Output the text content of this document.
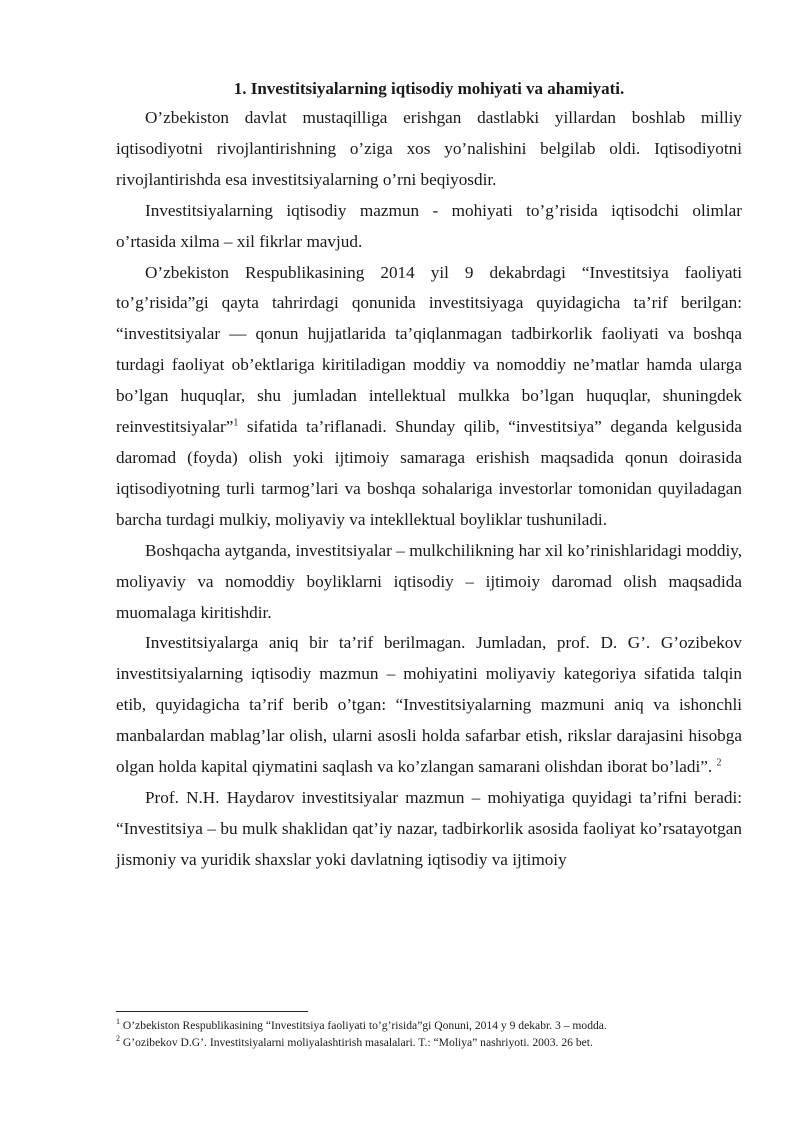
1. Investitsiyalarning iqtisodiy mohiyati va ahamiyati.

O’zbekiston davlat mustaqilliga erishgan dastlabki yillardan boshlab milliy iqtisodiyotni rivojlantirishning o’ziga xos yo’nalishini belgilab oldi. Iqtisodiyotni rivojlantirishda esa investitsiyalarning o’rni beqiyosdir.

Investitsiyalarning iqtisodiy mazmun - mohiyati to’g’risida iqtisodchi olimlar o’rtasida xilma – xil fikrlar mavjud.

O’zbekiston Respublikasining 2014 yil 9 dekabrdagi “Investitsiya faoliyati to’g’risida”gi qayta tahrirdagi qonunida investitsiyaga quyidagicha ta’rif berilgan: “investitsiyalar — qonun hujjatlarida ta’qiqlanmagan tadbirkorlik faoliyati va boshqa turdagi faoliyat ob’ektlariga kiritiladigan moddiy va nomoddiy ne’matlar hamda ularga bo’lgan huquqlar, shu jumladan intellektual mulkka bo’lgan huquqlar, shuningdek reinvestitsiyalar”$^1$ sifatida ta’riflanadi. Shunday qilib, “investitsiya” deganda kelgusida daromad (foyda) olish yoki ijtimoiy samaraga erishish maqsadida qonun doirasida iqtisodiyotning turli tarmog’lari va boshqa sohalariga investorlar tomonidan quyiladagan barcha turdagi mulkiy, moliyaviy va intekllektual boyliklar tushuniladi.

Boshqacha aytganda, investitsiyalar – mulkchilikning har xil ko’rinishlaridagi moddiy, moliyaviy va nomoddiy boyliklarni iqtisodiy – ijtimoiy daromad olish maqsadida muomalaga kiritishdir.

Investitsiyalarga aniq bir ta’rif berilmagan. Jumladan, prof. D. G’. G’ozibekov investitsiyalarning iqtisodiy mazmun – mohiyatini moliyaviy kategoriya sifatida talqin etib, quyidagicha ta’rif berib o’tgan: “Investitsiyalarning mazmuni aniq va ishonchli manbalardan mablag’lar olish, ularni asosli holda safarbar etish, rikslar darajasini hisobga olgan holda kapital qiymatini saqlash va ko’zlangan samarani olishdan iborat bo’ladi”. $^2$

Prof. N.H. Haydarov investitsiyalar mazmun – mohiyatiga quyidagi ta’rifni beradi: “Investitsiya – bu mulk shaklidan qat’iy nazar, tadbirkorlik asosida faoliyat ko’rsatayotgan jismoniy va yuridik shaxslar yoki davlatning iqtisodiy va ijtimoiy

$^1$ O’zbekiston Respublikasining “Investitsiya faoliyati to’g’risida”gi Qonuni, 2014 y 9 dekabr. 3 – modda.
$^2$ G’ozibekov D.G’. Investitsiyalarni moliyalashtirish masalalari. T.: “Moliya” nashriyoti. 2003. 26 bet.
